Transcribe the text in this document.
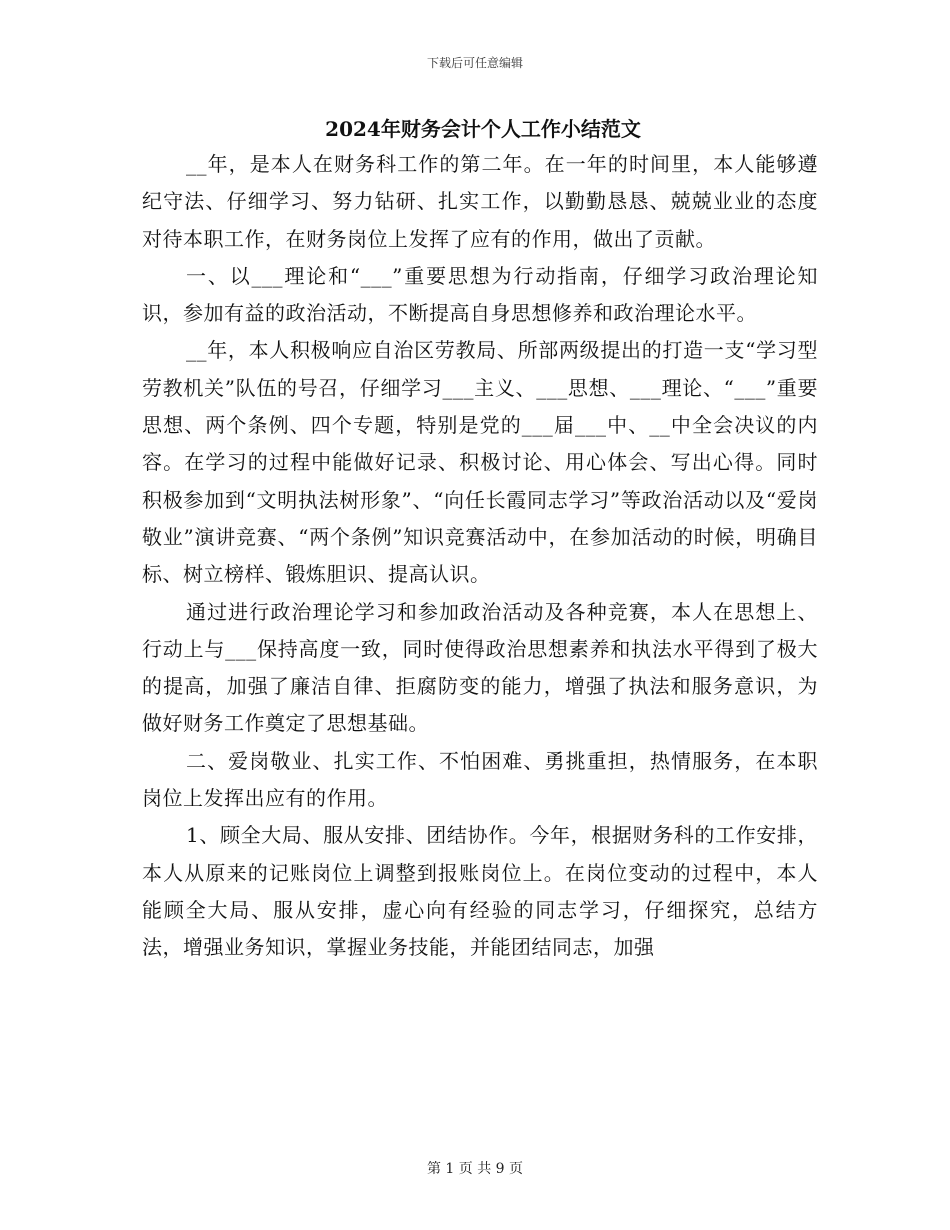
下载后可任意编辑
2024年财务会计个人工作小结范文

__年，是本人在财务科工作的第二年。在一年的时间里，本人能够遵纪守法、仔细学习、努力钻研、扎实工作，以勤勤恳恳、兢兢业业的态度对待本职工作，在财务岗位上发挥了应有的作用，做出了贡献。

一、以___理论和“___”重要思想为行动指南，仔细学习政治理论知识，参加有益的政治活动，不断提高自身思想修养和政治理论水平。

__年，本人积极响应自治区劳教局、所部两级提出的打造一支“学习型劳教机关”队伍的号召，仔细学习___主义、___思想、___理论、“___”重要思想、两个条例、四个专题，特别是党的___届___中、__中全会决议的内容。在学习的过程中能做好记录、积极讨论、用心体会、写出心得。同时积极参加到“文明执法树形象”、“向任长霞同志学习”等政治活动以及“爱岗敬业”演讲竞赛、“两个条例”知识竞赛活动中，在参加活动的时候，明确目标、树立榜样、锻炼胆识、提高认识。

通过进行政治理论学习和参加政治活动及各种竞赛，本人在思想上、行动上与___保持高度一致，同时使得政治思想素养和执法水平得到了极大的提高，加强了廉洁自律、拒腐防变的能力，增强了执法和服务意识，为做好财务工作奠定了思想基础。

二、爱岗敬业、扎实工作、不怕困难、勇挑重担，热情服务，在本职岗位上发挥出应有的作用。

1、顾全大局、服从安排、团结协作。今年，根据财务科的工作安排，本人从原来的记账岗位上调整到报账岗位上。在岗位变动的过程中，本人能顾全大局、服从安排，虚心向有经验的同志学习，仔细探究，总结方法，增强业务知识，掌握业务技能，并能团结同志，加强

第 1 页 共 9 页
